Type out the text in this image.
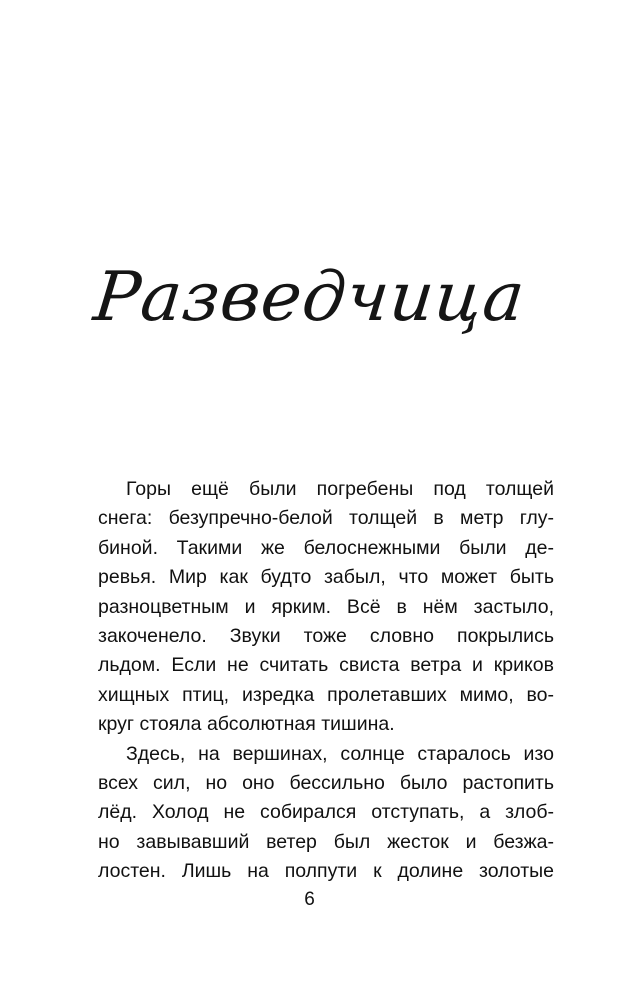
Разведчица

Горы ещё были погребены под толщей
снега: безупречно-белой толщей в метр глу-
биной. Такими же белоснежными были де-
ревья. Мир как будто забыл, что может быть
разноцветным и ярким. Всё в нём застыло,
закоченело. Звуки тоже словно покрылись
льдом. Если не считать свиста ветра и криков
хищных птиц, изредка пролетавших мимо, во-
круг стояла абсолютная тишина.

Здесь, на вершинах, солнце старалось изо
всех сил, но оно бессильно было растопить
лёд. Холод не собирался отступать, а злоб-
но завывавший ветер был жесток и безжа-
лостен. Лишь на полпути к долине золотые

6
